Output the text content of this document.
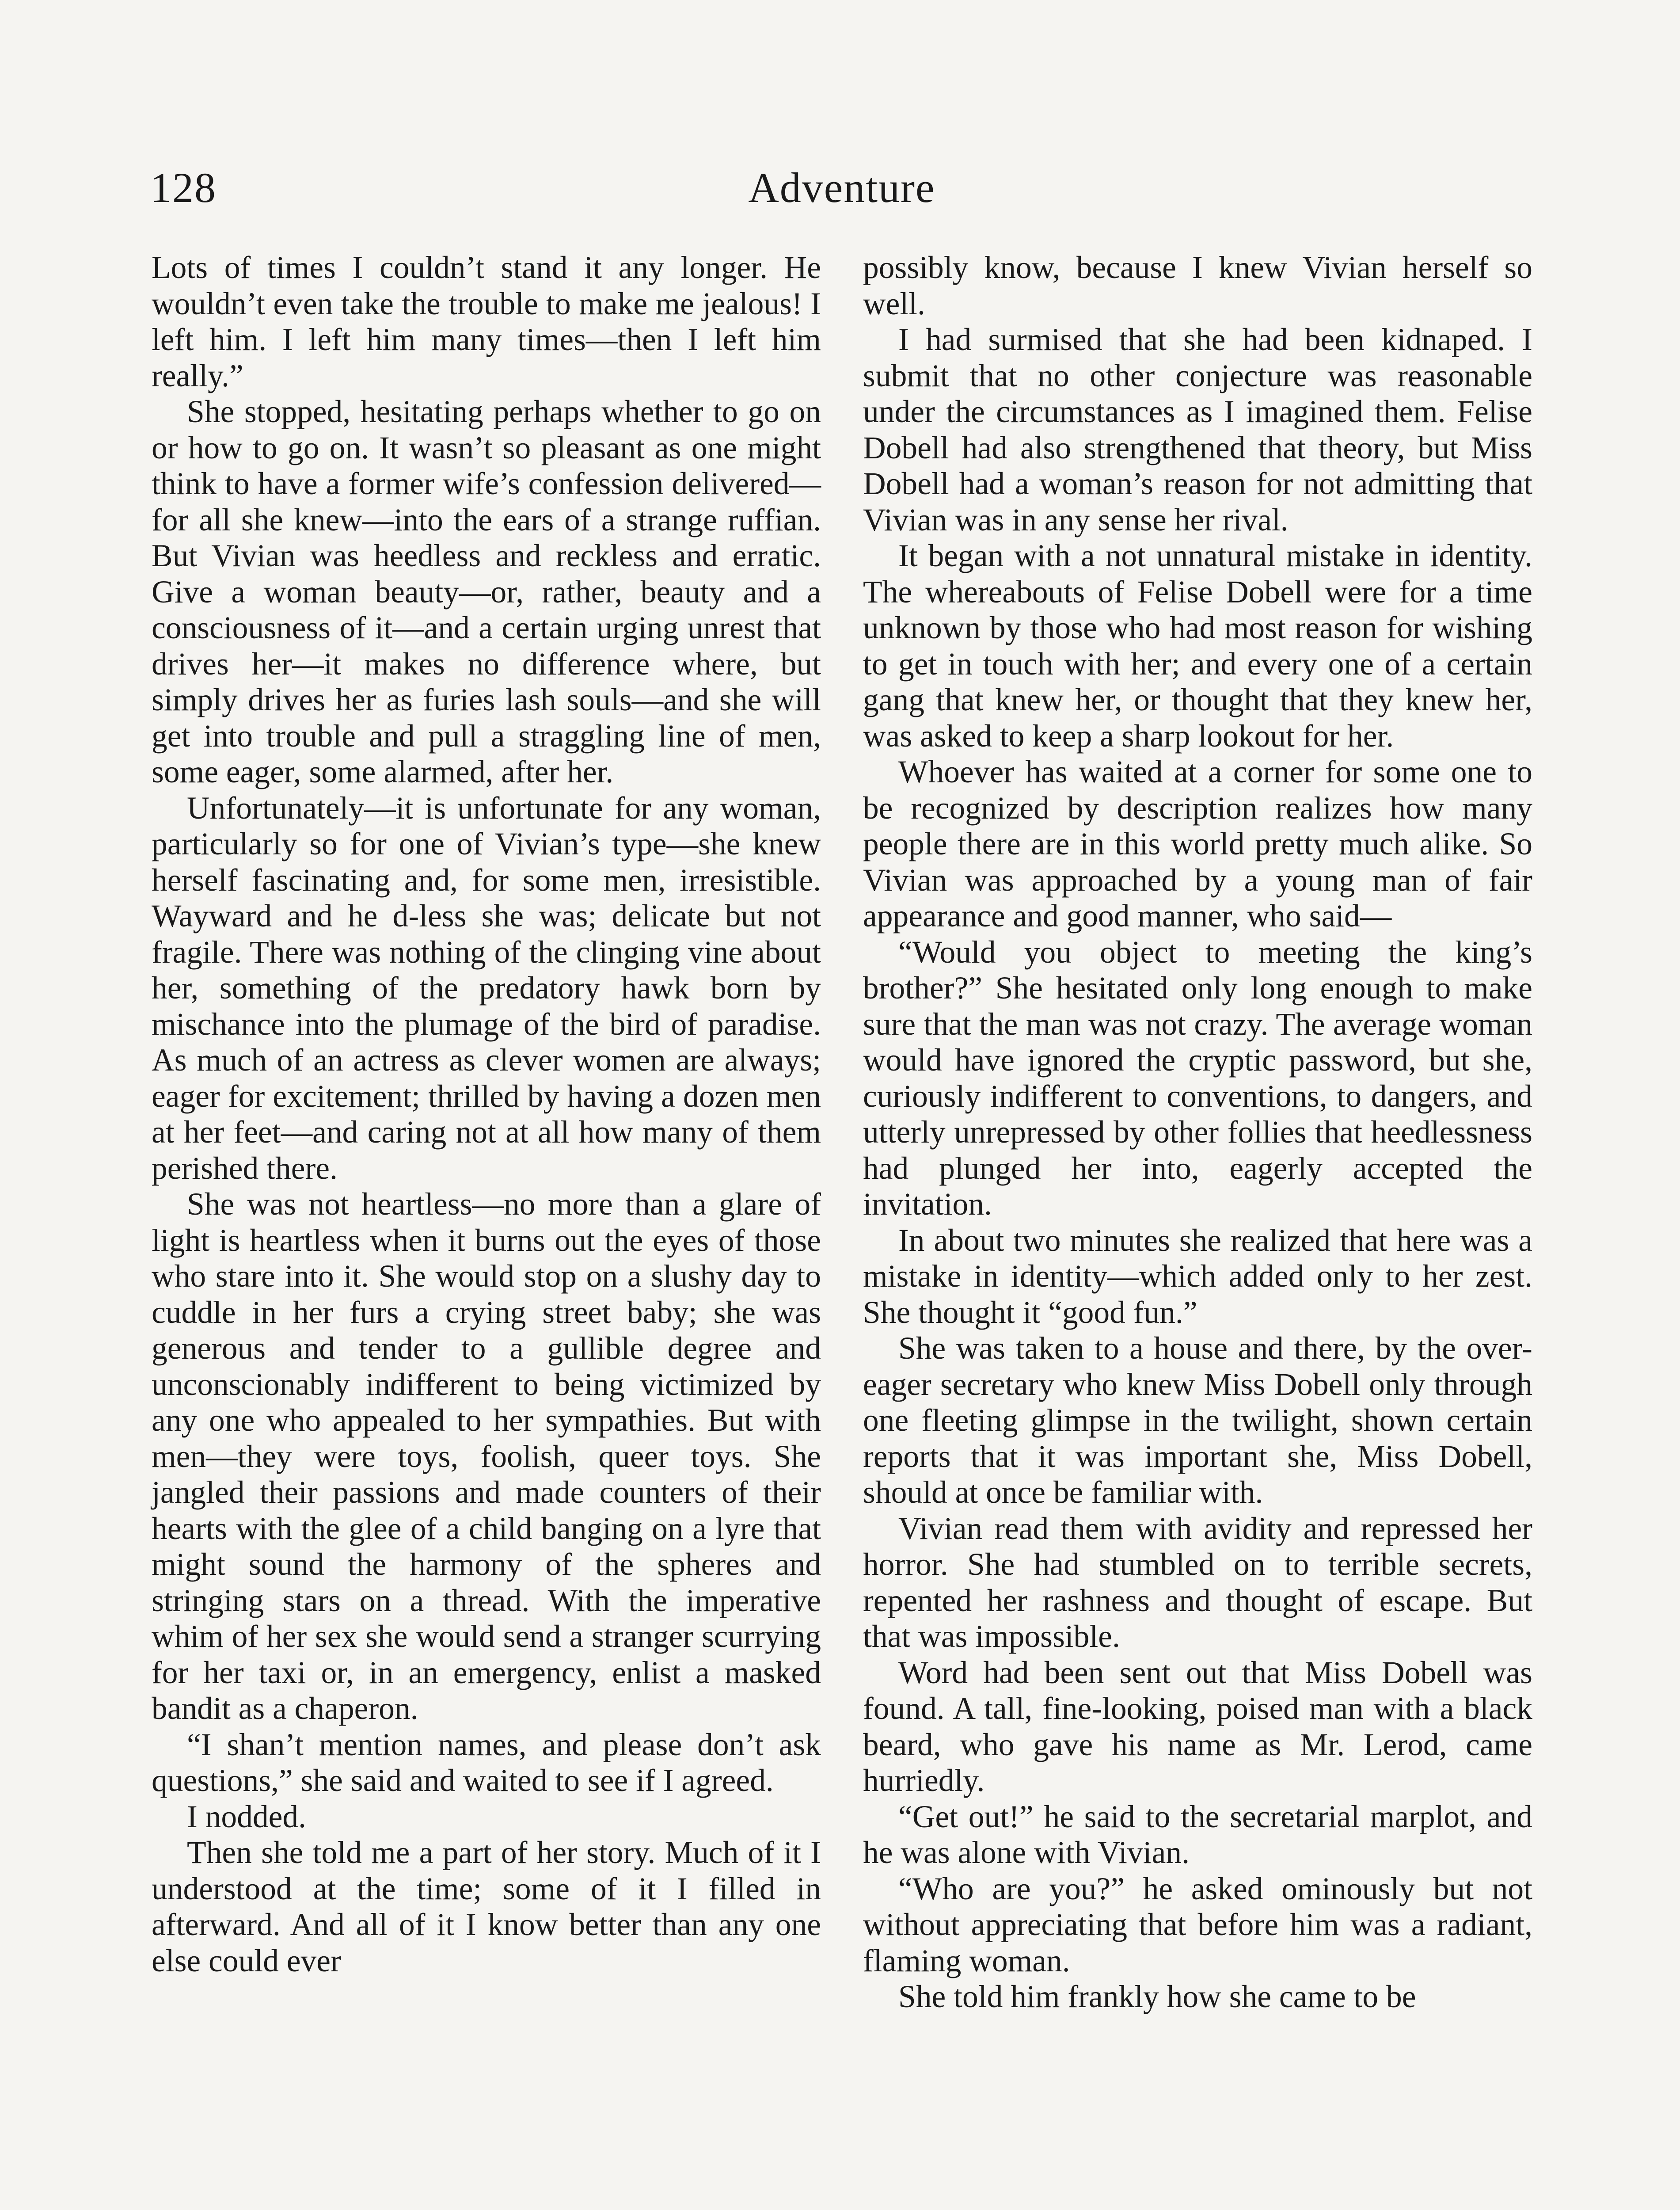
128	Adventure

Lots of times I couldn’t stand it any longer. He wouldn’t even take the trouble to make me jealous! I left him. I left him many times—then I left him really.”

She stopped, hesitating perhaps whether to go on or how to go on. It wasn’t so pleasant as one might think to have a former wife’s confession delivered—for all she knew—into the ears of a strange ruffian. But Vivian was heedless and reckless and erratic. Give a woman beauty—or, rather, beauty and a consciousness of it—and a certain urging unrest that drives her—it makes no difference where, but simply drives her as furies lash souls—and she will get into trouble and pull a straggling line of men, some eager, some alarmed, after her.

Unfortunately—it is unfortunate for any woman, particularly so for one of Vivian’s type—she knew herself fascinating and, for some men, irresistible. Wayward and he d-less she was; delicate but not fragile. There was nothing of the clinging vine about her, something of the predatory hawk born by mischance into the plumage of the bird of paradise. As much of an actress as clever women are always; eager for excitement; thrilled by having a dozen men at her feet—and caring not at all how many of them perished there.

She was not heartless—no more than a glare of light is heartless when it burns out the eyes of those who stare into it. She would stop on a slushy day to cuddle in her furs a crying street baby; she was generous and tender to a gullible degree and unconscionably indifferent to being victimized by any one who appealed to her sympathies. But with men—they were toys, foolish, queer toys. She jangled their passions and made counters of their hearts with the glee of a child banging on a lyre that might sound the harmony of the spheres and stringing stars on a thread. With the imperative whim of her sex she would send a stranger scurrying for her taxi or, in an emergency, enlist a masked bandit as a chaperon.

“I shan’t mention names, and please don’t ask questions,” she said and waited to see if I agreed.

I nodded.

Then she told me a part of her story. Much of it I understood at the time; some of it I filled in afterward. And all of it I know better than any one else could ever

possibly know, because I knew Vivian herself so well.

I had surmised that she had been kidnaped. I submit that no other conjecture was reasonable under the circumstances as I imagined them. Felise Dobell had also strengthened that theory, but Miss Dobell had a woman’s reason for not admitting that Vivian was in any sense her rival.

It began with a not unnatural mistake in identity. The whereabouts of Felise Dobell were for a time unknown by those who had most reason for wishing to get in touch with her; and every one of a certain gang that knew her, or thought that they knew her, was asked to keep a sharp lookout for her.

Whoever has waited at a corner for some one to be recognized by description realizes how many people there are in this world pretty much alike. So Vivian was approached by a young man of fair appearance and good manner, who said—

“Would you object to meeting the king’s brother?” She hesitated only long enough to make sure that the man was not crazy. The average woman would have ignored the cryptic password, but she, curiously indifferent to conventions, to dangers, and utterly unrepressed by other follies that heedlessness had plunged her into, eagerly accepted the invitation.

In about two minutes she realized that here was a mistake in identity—which added only to her zest. She thought it “good fun.”

She was taken to a house and there, by the over-eager secretary who knew Miss Dobell only through one fleeting glimpse in the twilight, shown certain reports that it was important she, Miss Dobell, should at once be familiar with.

Vivian read them with avidity and repressed her horror. She had stumbled on to terrible secrets, repented her rashness and thought of escape. But that was impossible.

Word had been sent out that Miss Dobell was found. A tall, fine-looking, poised man with a black beard, who gave his name as Mr. Lerod, came hurriedly.

“Get out!” he said to the secretarial marplot, and he was alone with Vivian.

“Who are you?” he asked ominously but not without appreciating that before him was a radiant, flaming woman.

She told him frankly how she came to be
